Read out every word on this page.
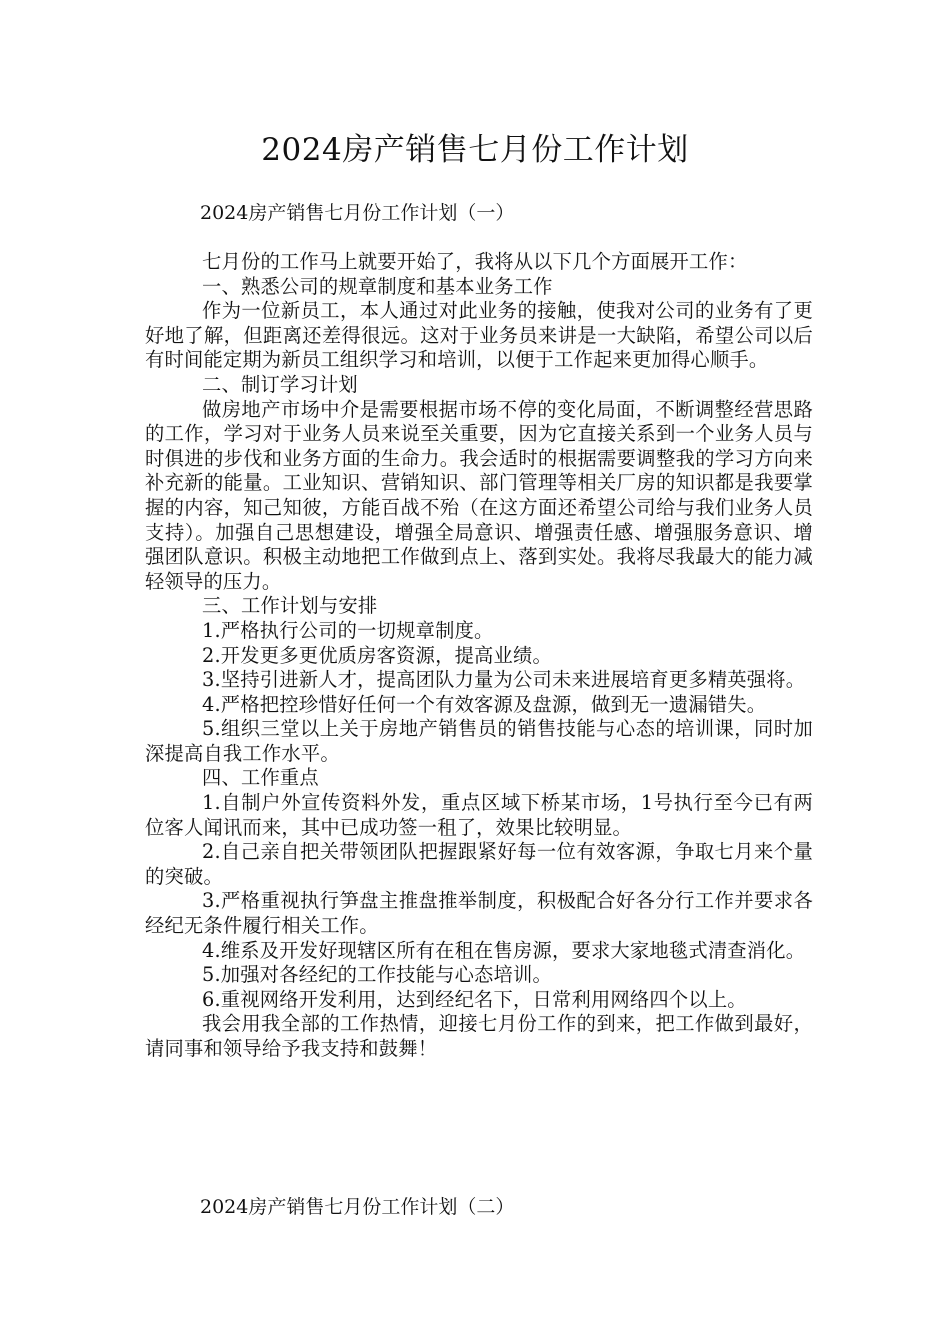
2024房产销售七月份工作计划

2024房产销售七月份工作计划（一）

七月份的工作马上就要开始了，我将从以下几个方面展开工作：

一、熟悉公司的规章制度和基本业务工作

作为一位新员工，本人通过对此业务的接触，使我对公司的业务有了更好地了解，但距离还差得很远。这对于业务员来讲是一大缺陷，希望公司以后有时间能定期为新员工组织学习和培训，以便于工作起来更加得心顺手。

二、制订学习计划

做房地产市场中介是需要根据市场不停的变化局面，不断调整经营思路的工作，学习对于业务人员来说至关重要，因为它直接关系到一个业务人员与时俱进的步伐和业务方面的生命力。我会适时的根据需要调整我的学习方向来补充新的能量。工业知识、营销知识、部门管理等相关厂房的知识都是我要掌握的内容，知己知彼，方能百战不殆（在这方面还希望公司给与我们业务人员支持）。加强自己思想建设，增强全局意识、增强责任感、增强服务意识、增强团队意识。积极主动地把工作做到点上、落到实处。我将尽我最大的能力减轻领导的压力。

三、工作计划与安排

1.严格执行公司的一切规章制度。

2.开发更多更优质房客资源，提高业绩。

3.坚持引进新人才，提高团队力量为公司未来进展培育更多精英强将。

4.严格把控珍惜好任何一个有效客源及盘源，做到无一遗漏错失。

5.组织三堂以上关于房地产销售员的销售技能与心态的培训课，同时加深提高自我工作水平。

四、工作重点

1.自制户外宣传资料外发，重点区域下桥某市场，1号执行至今已有两位客人闻讯而来，其中已成功签一租了，效果比较明显。

2.自己亲自把关带领团队把握跟紧好每一位有效客源，争取七月来个量的突破。

3.严格重视执行笋盘主推盘推举制度，积极配合好各分行工作并要求各经纪无条件履行相关工作。

4.维系及开发好现辖区所有在租在售房源，要求大家地毯式清查消化。

5.加强对各经纪的工作技能与心态培训。

6.重视网络开发利用，达到经纪名下，日常利用网络四个以上。

我会用我全部的工作热情，迎接七月份工作的到来，把工作做到最好，请同事和领导给予我支持和鼓舞！

2024房产销售七月份工作计划（二）
